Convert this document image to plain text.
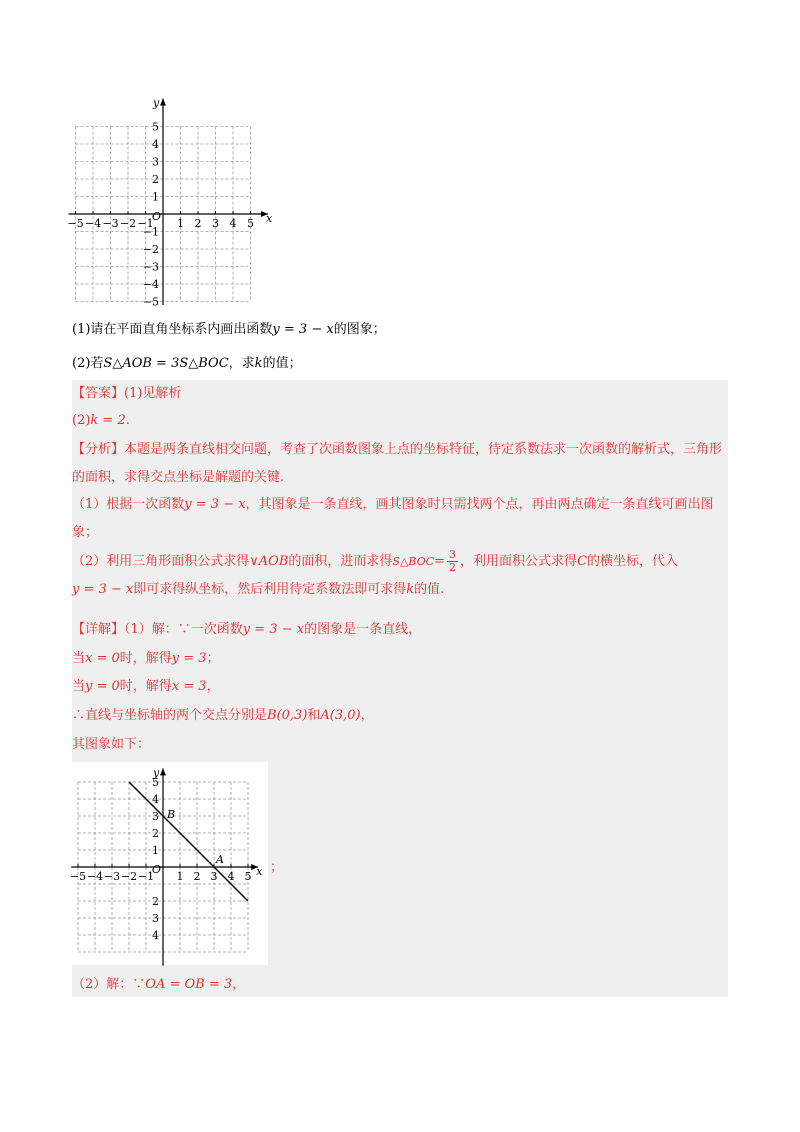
−5 −4 −3 −2 −1 1 2 3 4 5
5
4
3
2
1
−1
−2
−3
−4
−5
O	x
y
(1)请在平面直角坐标系内画出函数y = 3 − x的图象；
(2)若S△AOB = 3S△BOC，求k的值；
【答案】(1)见解析
(2)k = 2.
【分析】本题是两条直线相交问题，考查了次函数图象上点的坐标特征，待定系数法求一次函数的解析式，三角形的面积，求得交点坐标是解题的关键.
（1）根据一次函数y = 3 − x，其图象是一条直线，画其图象时只需找两个点，再由两点确定一条直线可画出图象；
（2）利用三角形面积公式求得∨AOB的面积，进而求得S△BOC= $\frac{3}{2}$ ，利用面积公式求得C的横坐标，代入
y = 3 − x即可求得纵坐标，然后利用待定系数法即可求得k的值.
【详解】（1）解：∵一次函数y = 3 − x的图象是一条直线，
当x = 0时，解得y = 3；
当y = 0时，解得x = 3，
∴直线与坐标轴的两个交点分别是B(0,3)和A(3,0)，
其图象如下：
−5 −4 −3 −2 −1 1 2 3 4 5
5
4
3
2
1
2
3
4
O	x
y
B
A
；
（2）解：∵OA = OB = 3，
